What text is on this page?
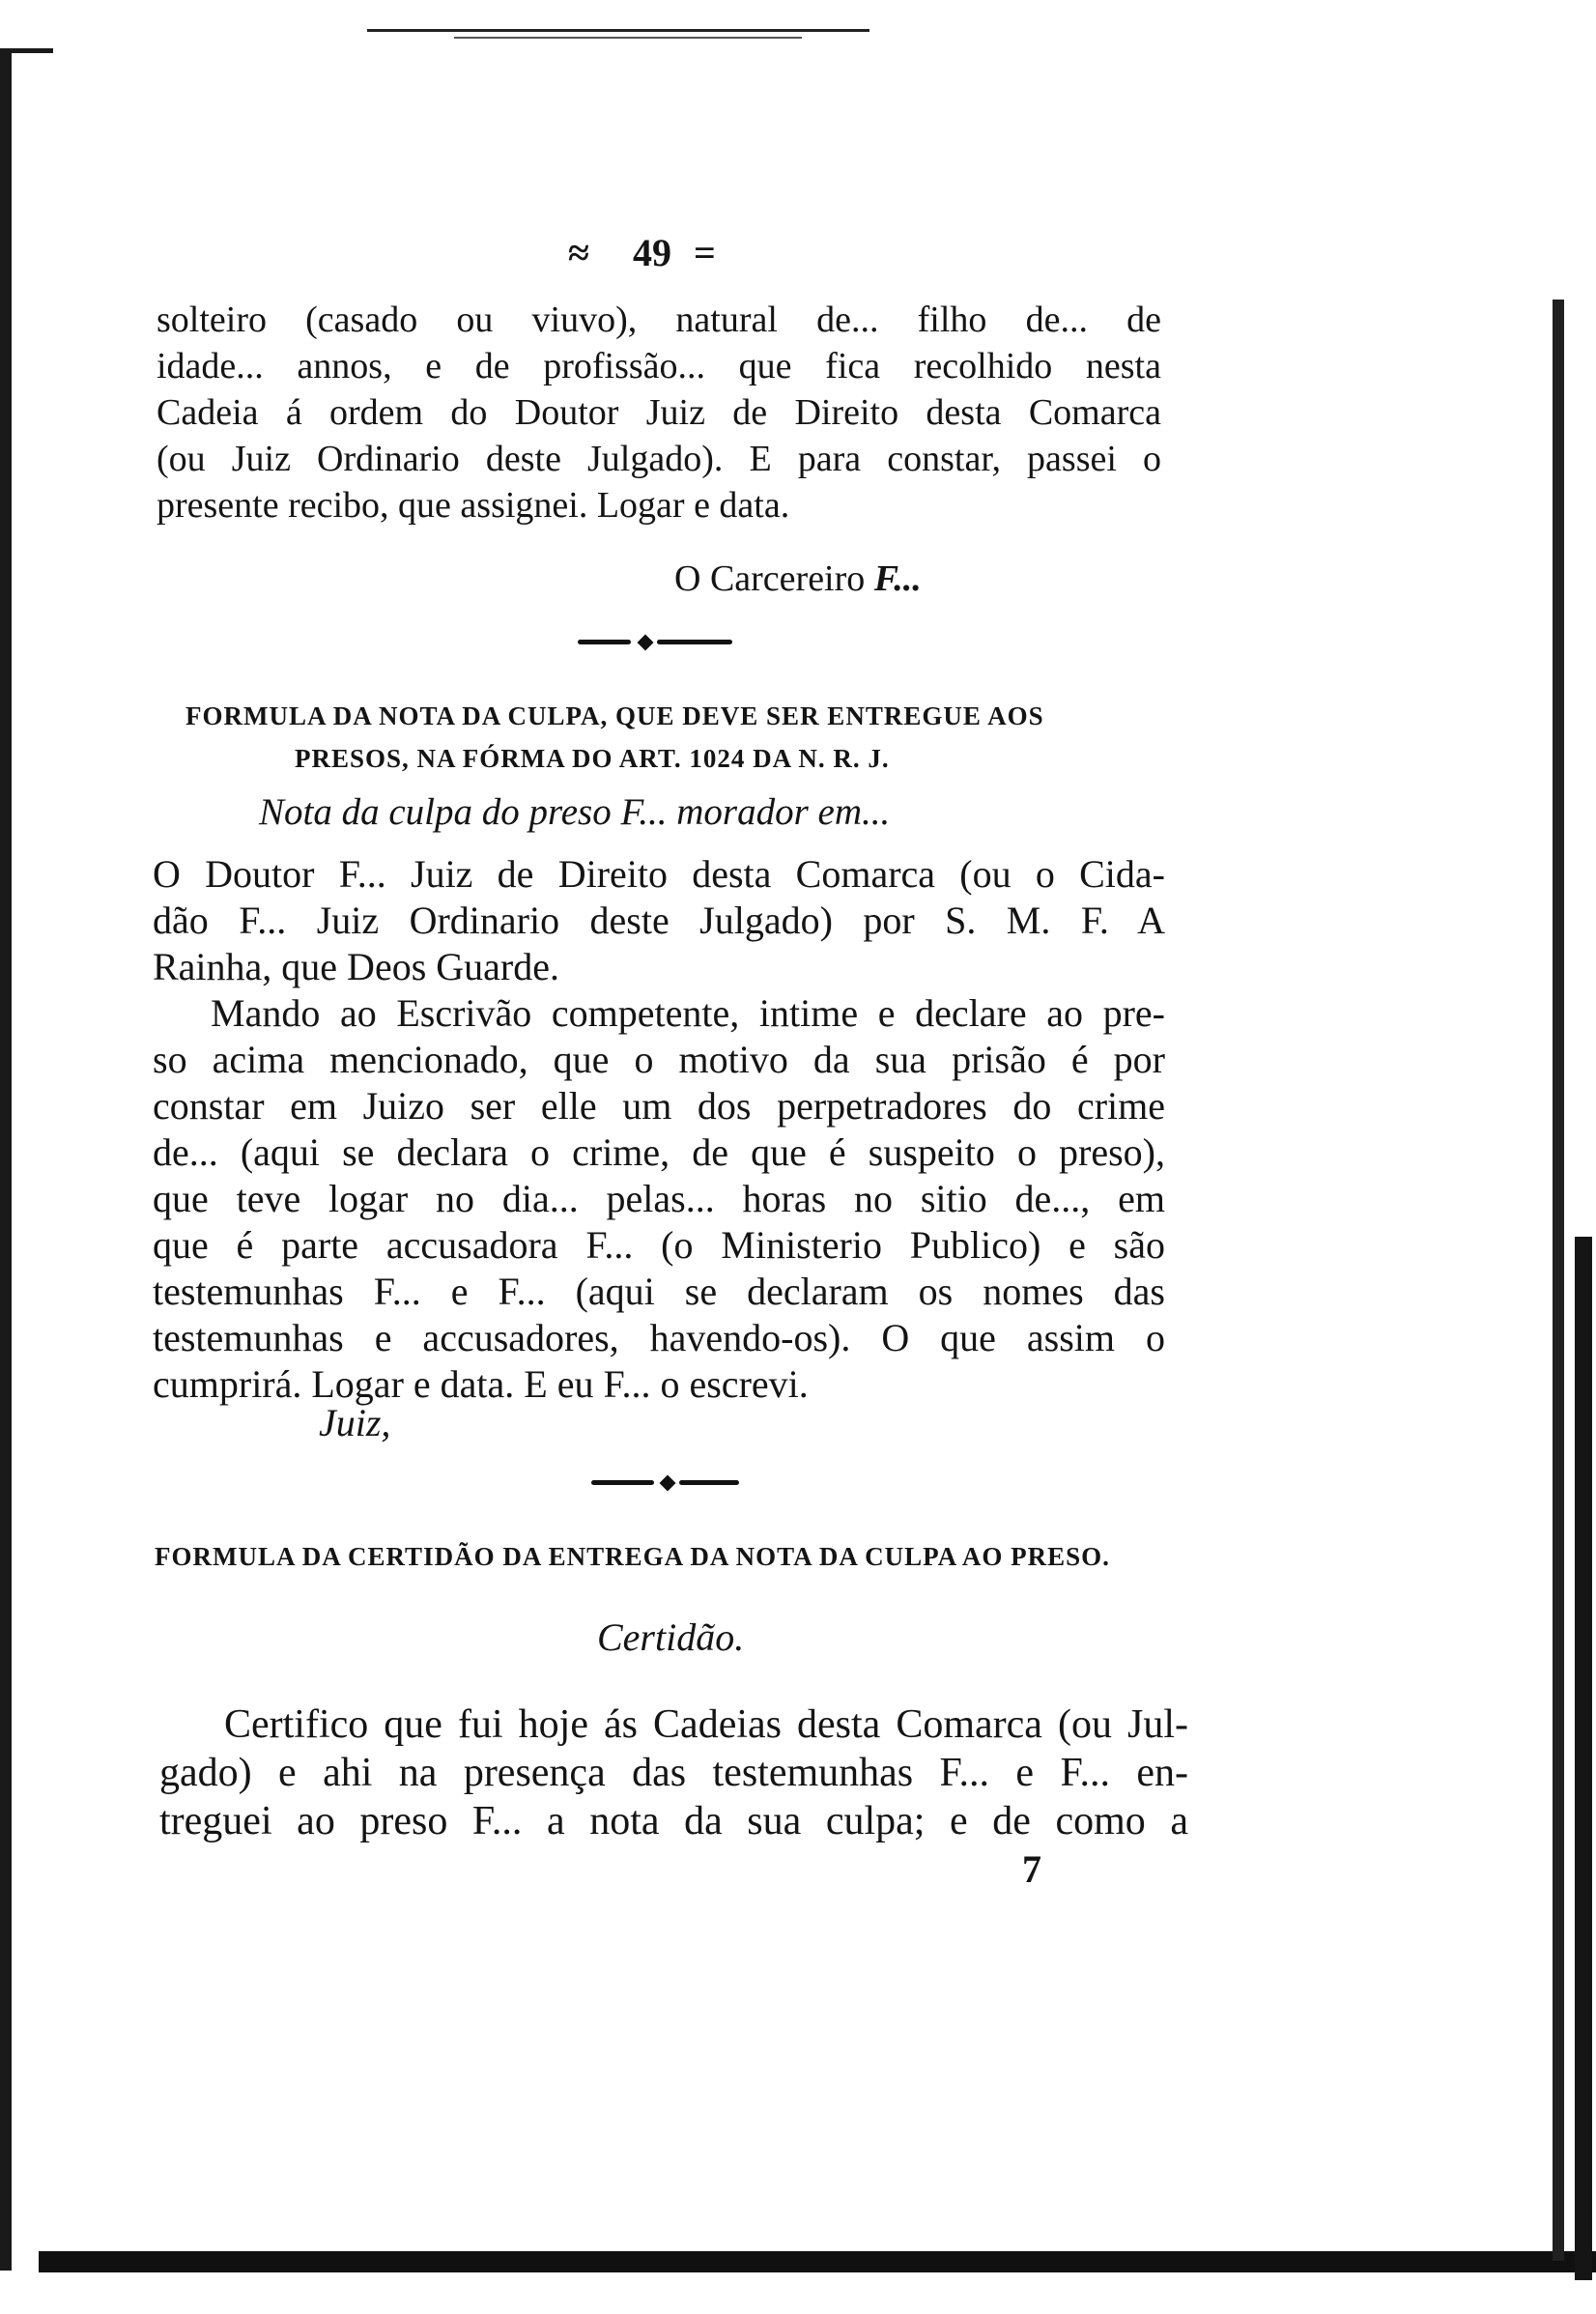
≈ 49 =
solteiro (casado ou viuvo), natural de... filho de... de
idade... annos, e de profissão... que fica recolhido nesta
Cadeia á ordem do Doutor Juiz de Direito desta Comarca
(ou Juiz Ordinario deste Julgado). E para constar, passei o
presente recibo, que assignei. Logar e data.
O Carcereiro F...
FORMULA DA NOTA DA CULPA, QUE DEVE SER ENTREGUE AOS
PRESOS, NA FÓRMA DO ART. 1024 DA N. R. J.
Nota da culpa do preso F... morador em...
O Doutor F... Juiz de Direito desta Comarca (ou o Cida-
dão F... Juiz Ordinario deste Julgado) por S. M. F. A
Rainha, que Deos Guarde.
Mando ao Escrivão competente, intime e declare ao pre-
so acima mencionado, que o motivo da sua prisão é por
constar em Juizo ser elle um dos perpetradores do crime
de... (aqui se declara o crime, de que é suspeito o preso),
que teve logar no dia... pelas... horas no sitio de..., em
que é parte accusadora F... (o Ministerio Publico) e são
testemunhas F... e F... (aqui se declaram os nomes das
testemunhas e accusadores, havendo-os). O que assim o
cumprirá. Logar e data. E eu F... o escrevi.
Juiz,
FORMULA DA CERTIDÃO DA ENTREGA DA NOTA DA CULPA AO PRESO.
Certidão.
Certifico que fui hoje ás Cadeias desta Comarca (ou Jul-
gado) e ahi na presença das testemunhas F... e F... en-
treguei ao preso F... a nota da sua culpa; e de como a
7
